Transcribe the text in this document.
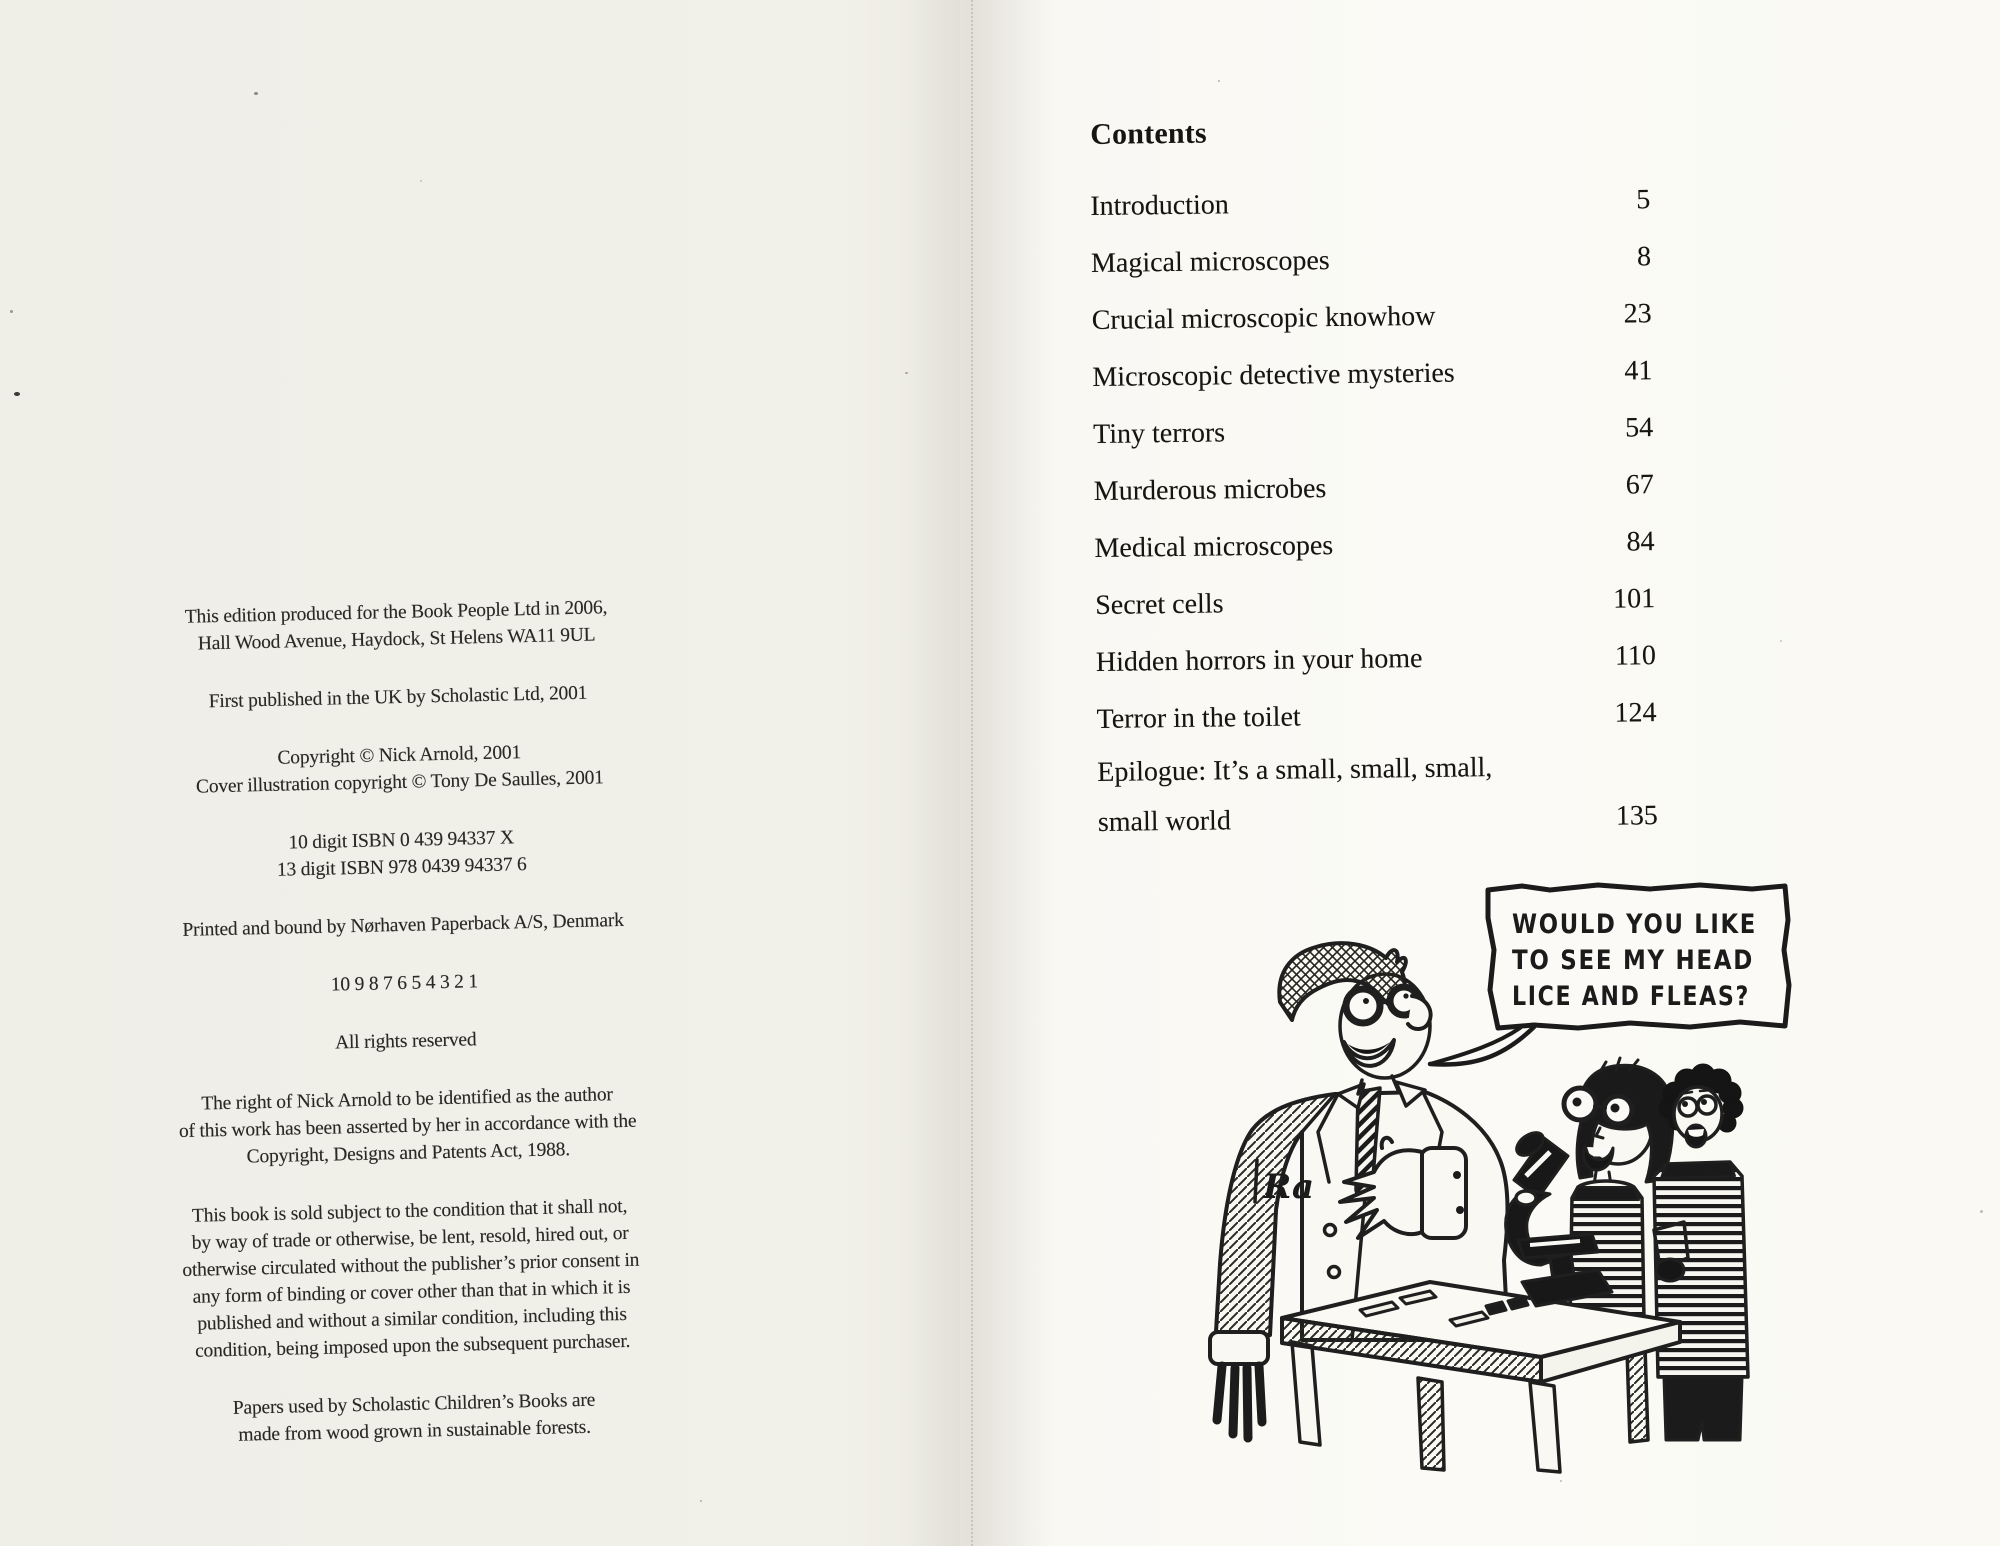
This edition produced for the Book People Ltd in 2006,
Hall Wood Avenue, Haydock, St Helens WA11 9UL

First published in the UK by Scholastic Ltd, 2001

Copyright © Nick Arnold, 2001
Cover illustration copyright © Tony De Saulles, 2001

10 digit ISBN 0 439 94337 X
13 digit ISBN 978 0439 94337 6

Printed and bound by Nørhaven Paperback A/S, Denmark

10 9 8 7 6 5 4 3 2 1

All rights reserved

The right of Nick Arnold to be identified as the author
of this work has been asserted by her in accordance with the
Copyright, Designs and Patents Act, 1988.

This book is sold subject to the condition that it shall not,
by way of trade or otherwise, be lent, resold, hired out, or
otherwise circulated without the publisher’s prior consent in
any form of binding or cover other than that in which it is
published and without a similar condition, including this
condition, being imposed upon the subsequent purchaser.

Papers used by Scholastic Children’s Books are
made from wood grown in sustainable forests.

Contents
Introduction	5
Magical microscopes	8
Crucial microscopic knowhow	23
Microscopic detective mysteries	41
Tiny terrors	54
Murderous microbes	67
Medical microscopes	84
Secret cells	101
Hidden horrors in your home	110
Terror in the toilet	124
Epilogue: It’s a small, small, small,
small world	135
Ra
WOULD YOU LIKE
TO SEE MY HEAD
LICE AND FLEAS?
